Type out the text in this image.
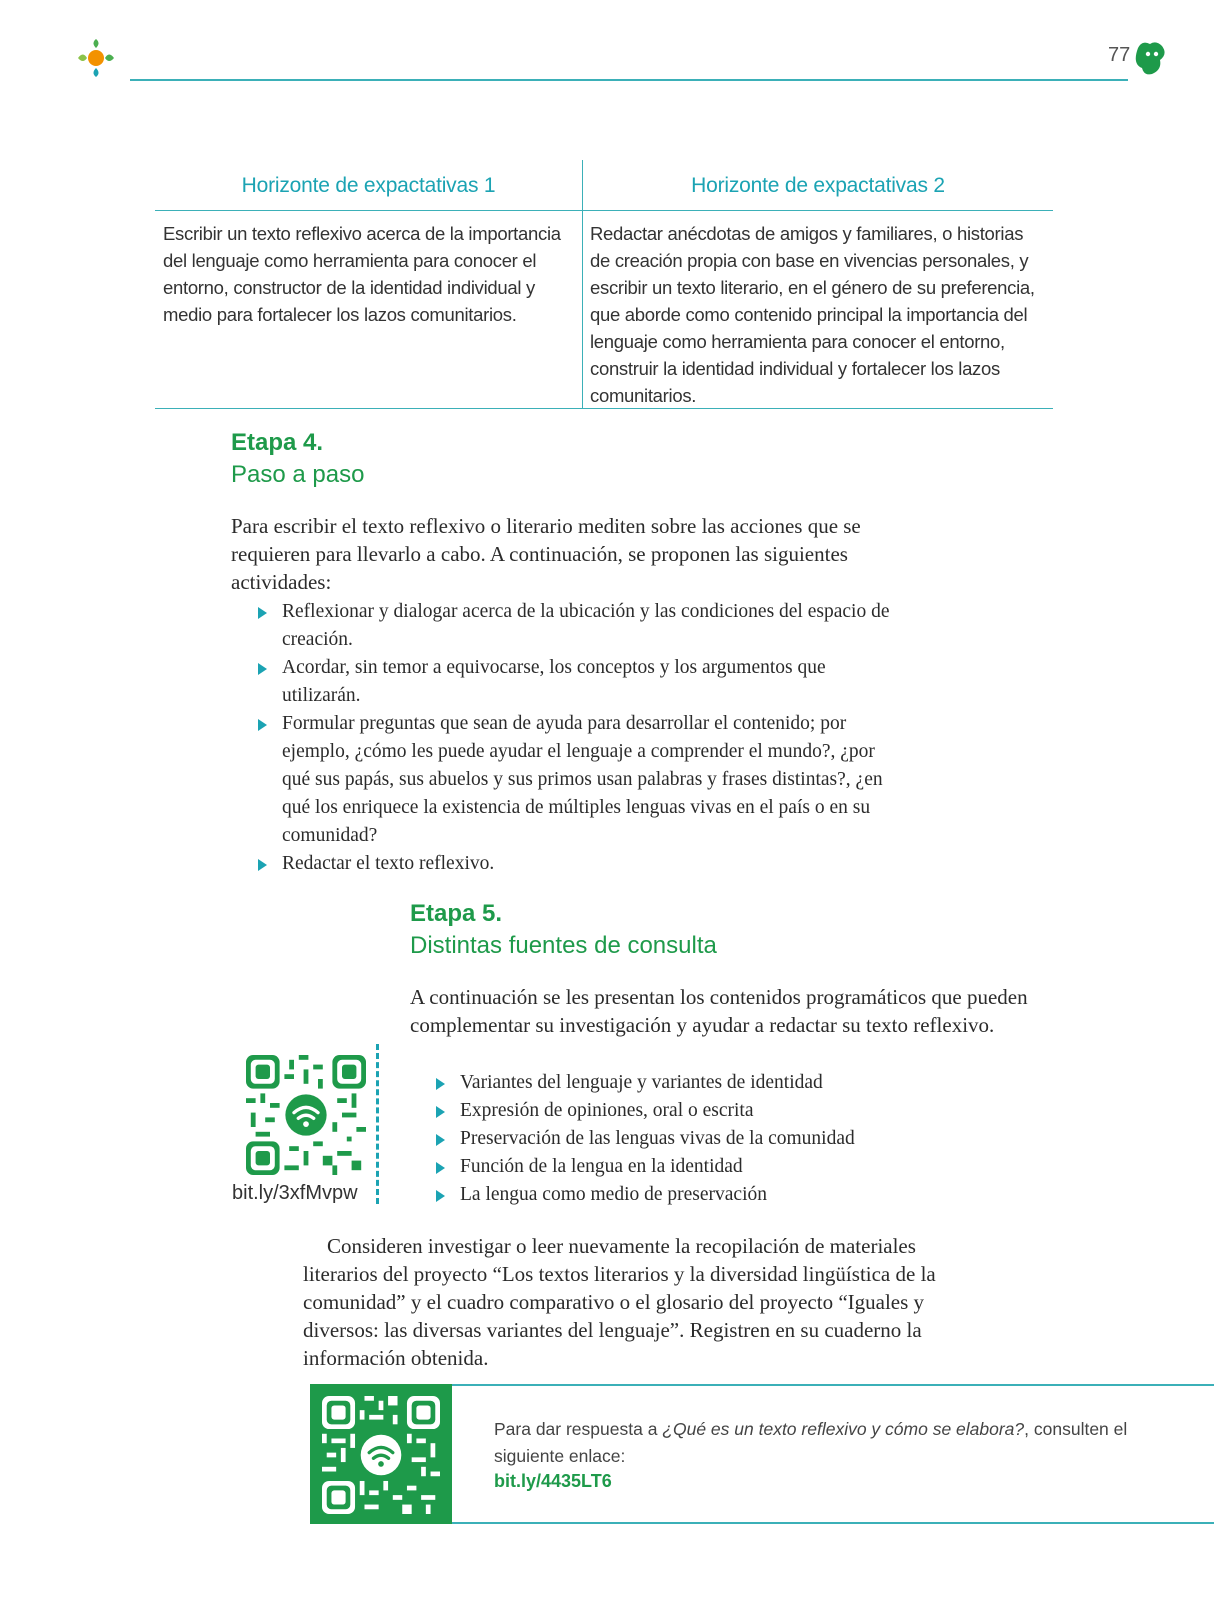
77
Horizonte de expactativas 1	Horizonte de expactativas 2
Escribir un texto reflexivo acerca de la importancia del lenguaje como herramienta para conocer el entorno, constructor de la identidad individual y medio para fortalecer los lazos comunitarios.
Redactar anécdotas de amigos y familiares, o historias de creación propia con base en vivencias personales, y escribir un texto literario, en el género de su preferencia, que aborde como contenido principal la importancia del lenguaje como herramienta para conocer el entorno, construir la identidad individual y fortalecer los lazos comunitarios.
Etapa 4.
Paso a paso
Para escribir el texto reflexivo o literario mediten sobre las acciones que se requieren para llevarlo a cabo. A continuación, se proponen las siguientes actividades:
Reflexionar y dialogar acerca de la ubicación y las condiciones del espacio de creación.
Acordar, sin temor a equivocarse, los conceptos y los argumentos que utilizarán.
Formular preguntas que sean de ayuda para desarrollar el contenido; por ejemplo, ¿cómo les puede ayudar el lenguaje a comprender el mundo?, ¿por qué sus papás, sus abuelos y sus primos usan palabras y frases distintas?, ¿en qué los enriquece la existencia de múltiples lenguas vivas en el país o en su comunidad?
Redactar el texto reflexivo.
Etapa 5.
Distintas fuentes de consulta
A continuación se les presentan los contenidos programáticos que pueden complementar su investigación y ayudar a redactar su texto reflexivo.
Variantes del lenguaje y variantes de identidad
Expresión de opiniones, oral o escrita
Preservación de las lenguas vivas de la comunidad
Función de la lengua en la identidad
La lengua como medio de preservación
bit.ly/3xfMvpw
Consideren investigar o leer nuevamente la recopilación de materiales literarios del proyecto “Los textos literarios y la diversidad lingüística de la comunidad” y el cuadro comparativo o el glosario del proyecto “Iguales y diversos: las diversas variantes del lenguaje”. Registren en su cuaderno la información obtenida.
Para dar respuesta a ¿Qué es un texto reflexivo y cómo se elabora?, consulten el siguiente enlace:
bit.ly/4435LT6
